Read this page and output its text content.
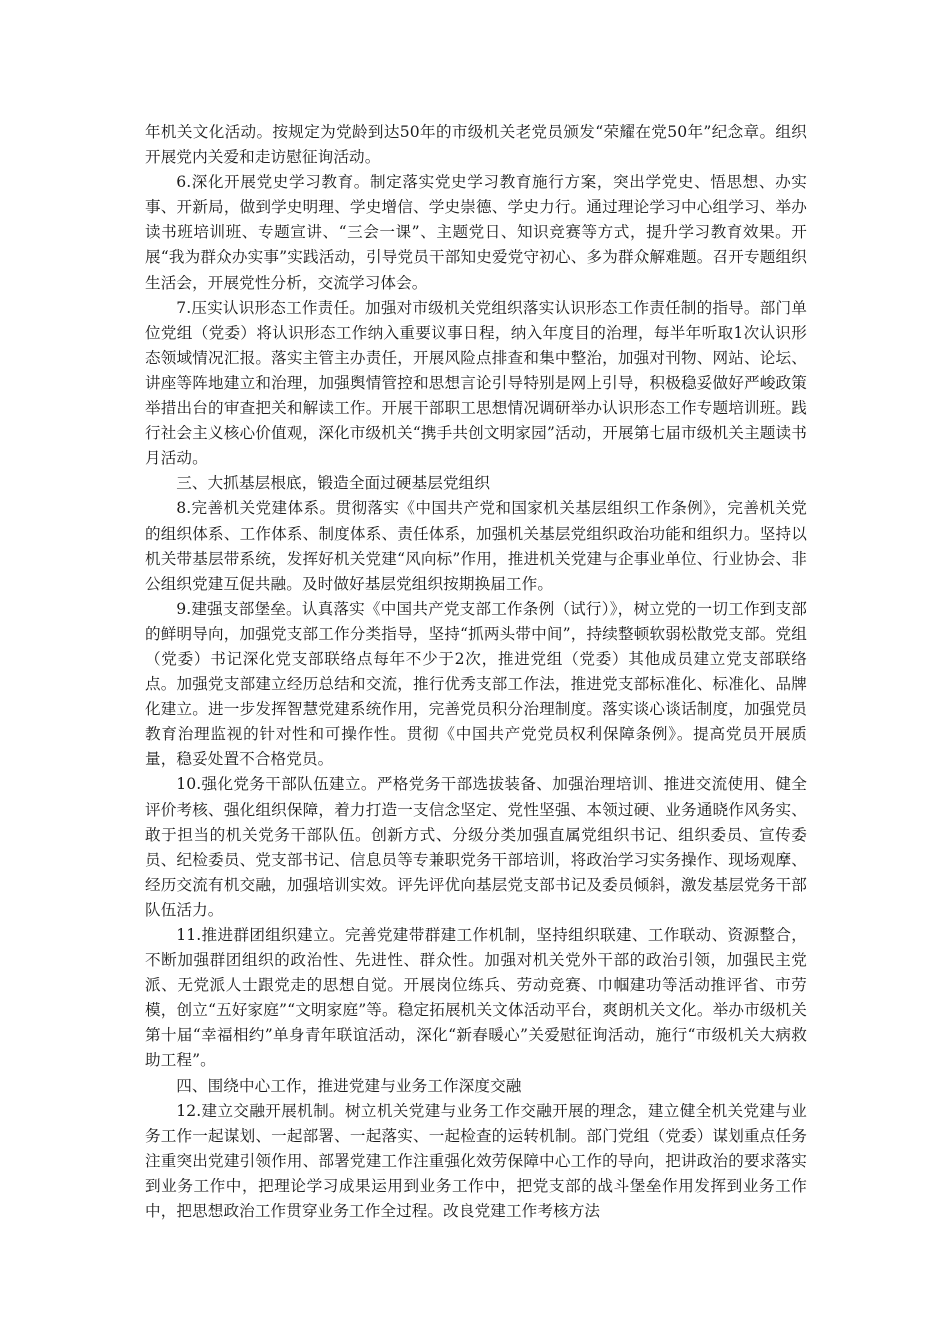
年机关文化活动。按规定为党龄到达50年的市级机关老党员颁发“荣耀在党50年”纪念章。组织开展党内关爱和走访慰征询活动。

6.深化开展党史学习教育。制定落实党史学习教育施行方案，突出学党史、悟思想、办实事、开新局，做到学史明理、学史增信、学史崇德、学史力行。通过理论学习中心组学习、举办读书班培训班、专题宣讲、“三会一课”、主题党日、知识竞赛等方式，提升学习教育效果。开展“我为群众办实事”实践活动，引导党员干部知史爱党守初心、多为群众解难题。召开专题组织生活会，开展党性分析，交流学习体会。

7.压实认识形态工作责任。加强对市级机关党组织落实认识形态工作责任制的指导。部门单位党组（党委）将认识形态工作纳入重要议事日程，纳入年度目的治理，每半年听取1次认识形态领域情况汇报。落实主管主办责任，开展风险点排查和集中整治，加强对刊物、网站、论坛、讲座等阵地建立和治理，加强舆情管控和思想言论引导特别是网上引导，积极稳妥做好严峻政策举措出台的审查把关和解读工作。开展干部职工思想情况调研举办认识形态工作专题培训班。践行社会主义核心价值观，深化市级机关“携手共创文明家园”活动，开展第七届市级机关主题读书月活动。

三、大抓基层根底，锻造全面过硬基层党组织

8.完善机关党建体系。贯彻落实《中国共产党和国家机关基层组织工作条例》，完善机关党的组织体系、工作体系、制度体系、责任体系，加强机关基层党组织政治功能和组织力。坚持以机关带基层带系统，发挥好机关党建“风向标”作用，推进机关党建与企事业单位、行业协会、非公组织党建互促共融。及时做好基层党组织按期换届工作。

9.建强支部堡垒。认真落实《中国共产党支部工作条例（试行）》，树立党的一切工作到支部的鲜明导向，加强党支部工作分类指导，坚持“抓两头带中间”，持续整顿软弱松散党支部。党组（党委）书记深化党支部联络点每年不少于2次，推进党组（党委）其他成员建立党支部联络点。加强党支部建立经历总结和交流，推行优秀支部工作法，推进党支部标准化、标准化、品牌化建立。进一步发挥智慧党建系统作用，完善党员积分治理制度。落实谈心谈话制度，加强党员教育治理监视的针对性和可操作性。贯彻《中国共产党党员权利保障条例》。提高党员开展质量，稳妥处置不合格党员。

10.强化党务干部队伍建立。严格党务干部选拔装备、加强治理培训、推进交流使用、健全评价考核、强化组织保障，着力打造一支信念坚定、党性坚强、本领过硬、业务通晓作风务实、敢于担当的机关党务干部队伍。创新方式、分级分类加强直属党组织书记、组织委员、宣传委员、纪检委员、党支部书记、信息员等专兼职党务干部培训，将政治学习实务操作、现场观摩、经历交流有机交融，加强培训实效。评先评优向基层党支部书记及委员倾斜，激发基层党务干部队伍活力。

11.推进群团组织建立。完善党建带群建工作机制，坚持组织联建、工作联动、资源整合，不断加强群团组织的政治性、先进性、群众性。加强对机关党外干部的政治引领，加强民主党派、无党派人士跟党走的思想自觉。开展岗位练兵、劳动竞赛、巾帼建功等活动推评省、市劳模，创立“五好家庭”“文明家庭”等。稳定拓展机关文体活动平台，爽朗机关文化。举办市级机关第十届“幸福相约”单身青年联谊活动，深化“新春暖心”关爱慰征询活动，施行“市级机关大病救助工程”。

四、围绕中心工作，推进党建与业务工作深度交融

12.建立交融开展机制。树立机关党建与业务工作交融开展的理念，建立健全机关党建与业务工作一起谋划、一起部署、一起落实、一起检查的运转机制。部门党组（党委）谋划重点任务注重突出党建引领作用、部署党建工作注重强化效劳保障中心工作的导向，把讲政治的要求落实到业务工作中，把理论学习成果运用到业务工作中，把党支部的战斗堡垒作用发挥到业务工作中，把思想政治工作贯穿业务工作全过程。改良党建工作考核方法
